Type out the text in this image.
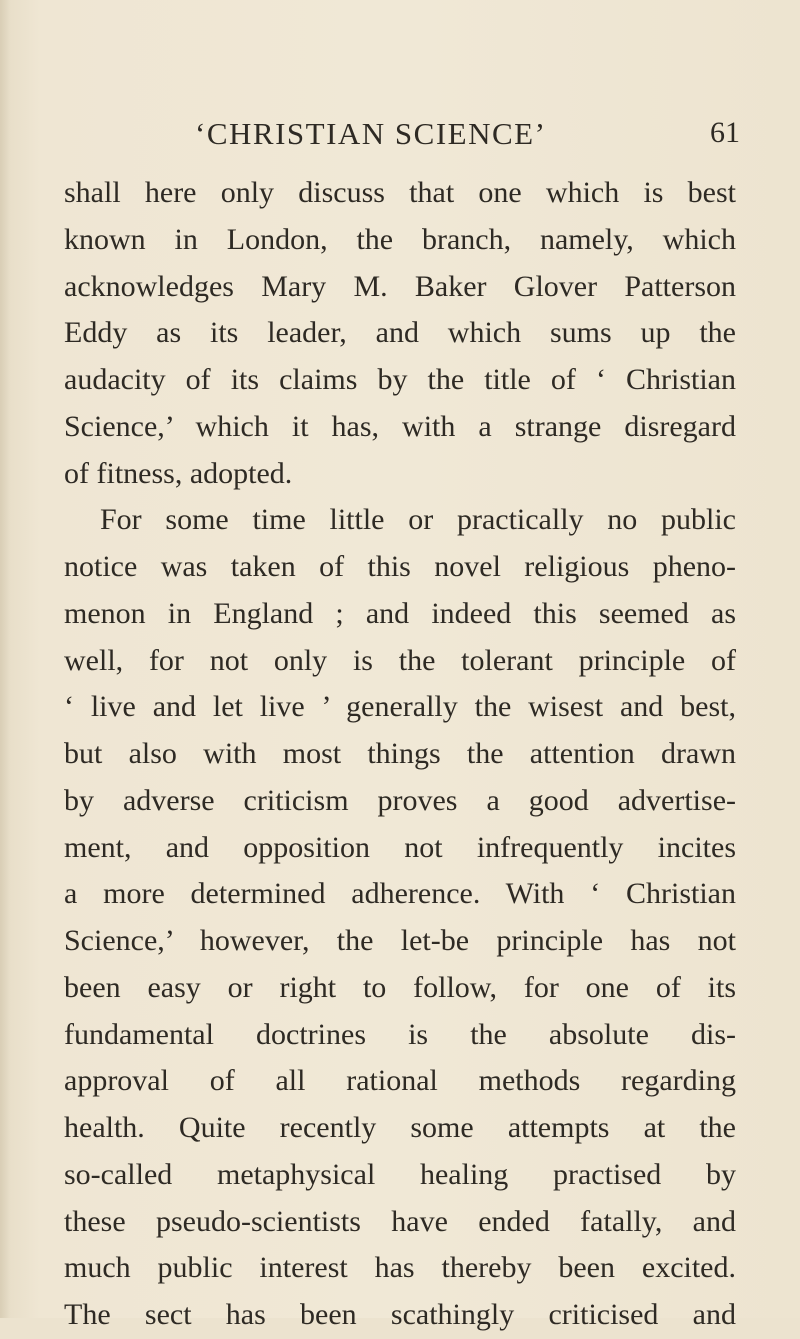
‘CHRISTIAN SCIENCE’	61
shall here only discuss that one which is best
known in London, the branch, namely, which
acknowledges Mary M. Baker Glover Patterson
Eddy as its leader, and which sums up the
audacity of its claims by the title of ‘ Christian
Science,’ which it has, with a strange disregard
of fitness, adopted.
For some time little or practically no public
notice was taken of this novel religious pheno-
menon in England ; and indeed this seemed as
well, for not only is the tolerant principle of
‘ live and let live ’ generally the wisest and best,
but also with most things the attention drawn
by adverse criticism proves a good advertise-
ment, and opposition not infrequently incites
a more determined adherence. With ‘ Christian
Science,’ however, the let-be principle has not
been easy or right to follow, for one of its
fundamental doctrines is the absolute dis-
approval of all rational methods regarding
health. Quite recently some attempts at the
so-called metaphysical healing practised by
these pseudo-scientists have ended fatally, and
much public interest has thereby been excited.
The sect has been scathingly criticised and
